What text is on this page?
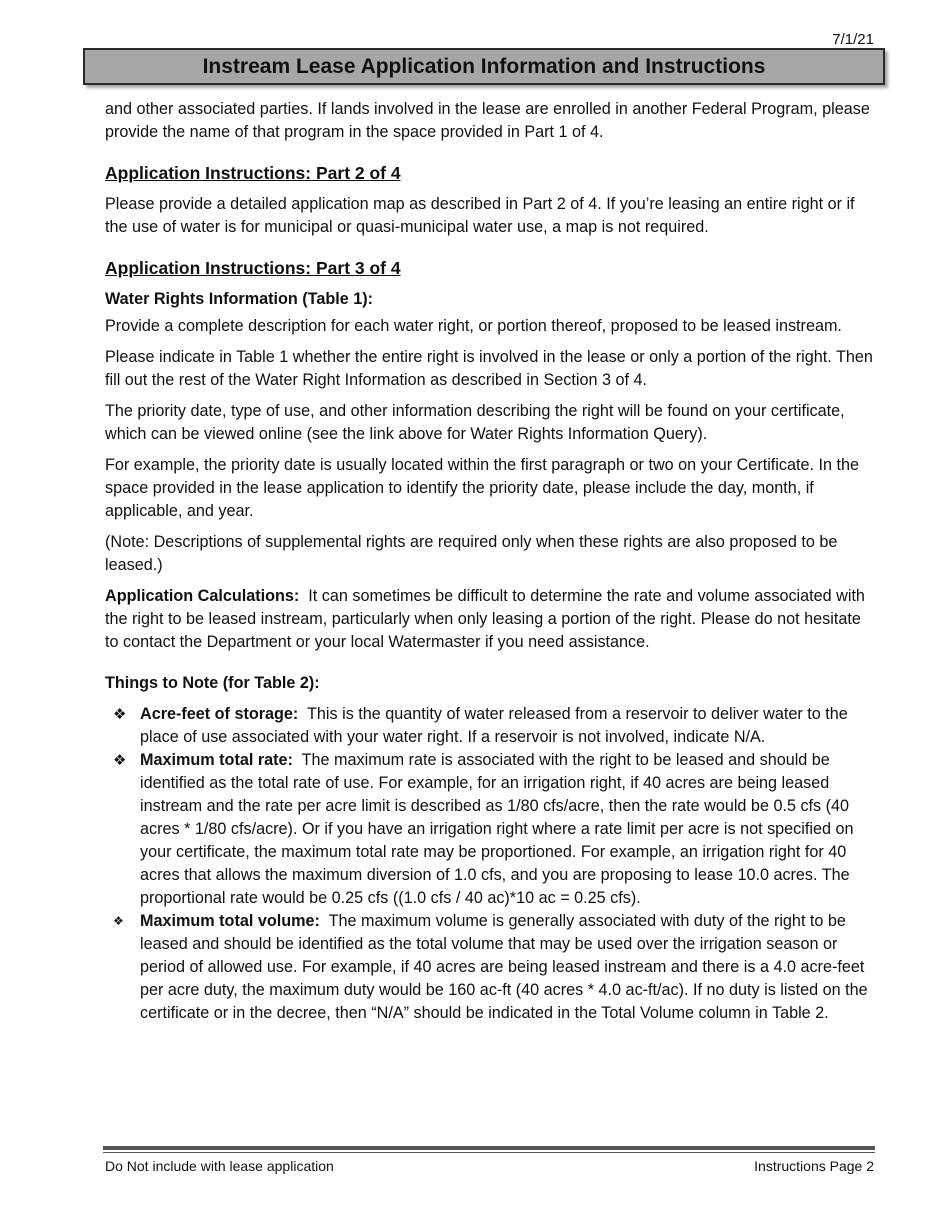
7/1/21
Instream Lease Application Information and Instructions

and other associated parties. If lands involved in the lease are enrolled in another Federal Program, please provide the name of that program in the space provided in Part 1 of 4.

Application Instructions: Part 2 of 4

Please provide a detailed application map as described in Part 2 of 4. If you’re leasing an entire right or if the use of water is for municipal or quasi-municipal water use, a map is not required.

Application Instructions: Part 3 of 4

Water Rights Information (Table 1):

Provide a complete description for each water right, or portion thereof, proposed to be leased instream.

Please indicate in Table 1 whether the entire right is involved in the lease or only a portion of the right. Then fill out the rest of the Water Right Information as described in Section 3 of 4.

The priority date, type of use, and other information describing the right will be found on your certificate, which can be viewed online (see the link above for Water Rights Information Query).

For example, the priority date is usually located within the first paragraph or two on your Certificate. In the space provided in the lease application to identify the priority date, please include the day, month, if applicable, and year.

(Note: Descriptions of supplemental rights are required only when these rights are also proposed to be leased.)

Application Calculations: It can sometimes be difficult to determine the rate and volume associated with the right to be leased instream, particularly when only leasing a portion of the right. Please do not hesitate to contact the Department or your local Watermaster if you need assistance.

Things to Note (for Table 2):

❖ Acre-feet of storage: This is the quantity of water released from a reservoir to deliver water to the place of use associated with your water right. If a reservoir is not involved, indicate N/A.
❖ Maximum total rate: The maximum rate is associated with the right to be leased and should be identified as the total rate of use. For example, for an irrigation right, if 40 acres are being leased instream and the rate per acre limit is described as 1/80 cfs/acre, then the rate would be 0.5 cfs (40 acres * 1/80 cfs/acre). Or if you have an irrigation right where a rate limit per acre is not specified on your certificate, the maximum total rate may be proportioned. For example, an irrigation right for 40 acres that allows the maximum diversion of 1.0 cfs, and you are proposing to lease 10.0 acres. The proportional rate would be 0.25 cfs ((1.0 cfs / 40 ac)*10 ac = 0.25 cfs).
❖ Maximum total volume: The maximum volume is generally associated with duty of the right to be leased and should be identified as the total volume that may be used over the irrigation season or period of allowed use. For example, if 40 acres are being leased instream and there is a 4.0 acre-feet per acre duty, the maximum duty would be 160 ac-ft (40 acres * 4.0 ac-ft/ac). If no duty is listed on the certificate or in the decree, then “N/A” should be indicated in the Total Volume column in Table 2.
Do Not include with lease application	Instructions Page 2
